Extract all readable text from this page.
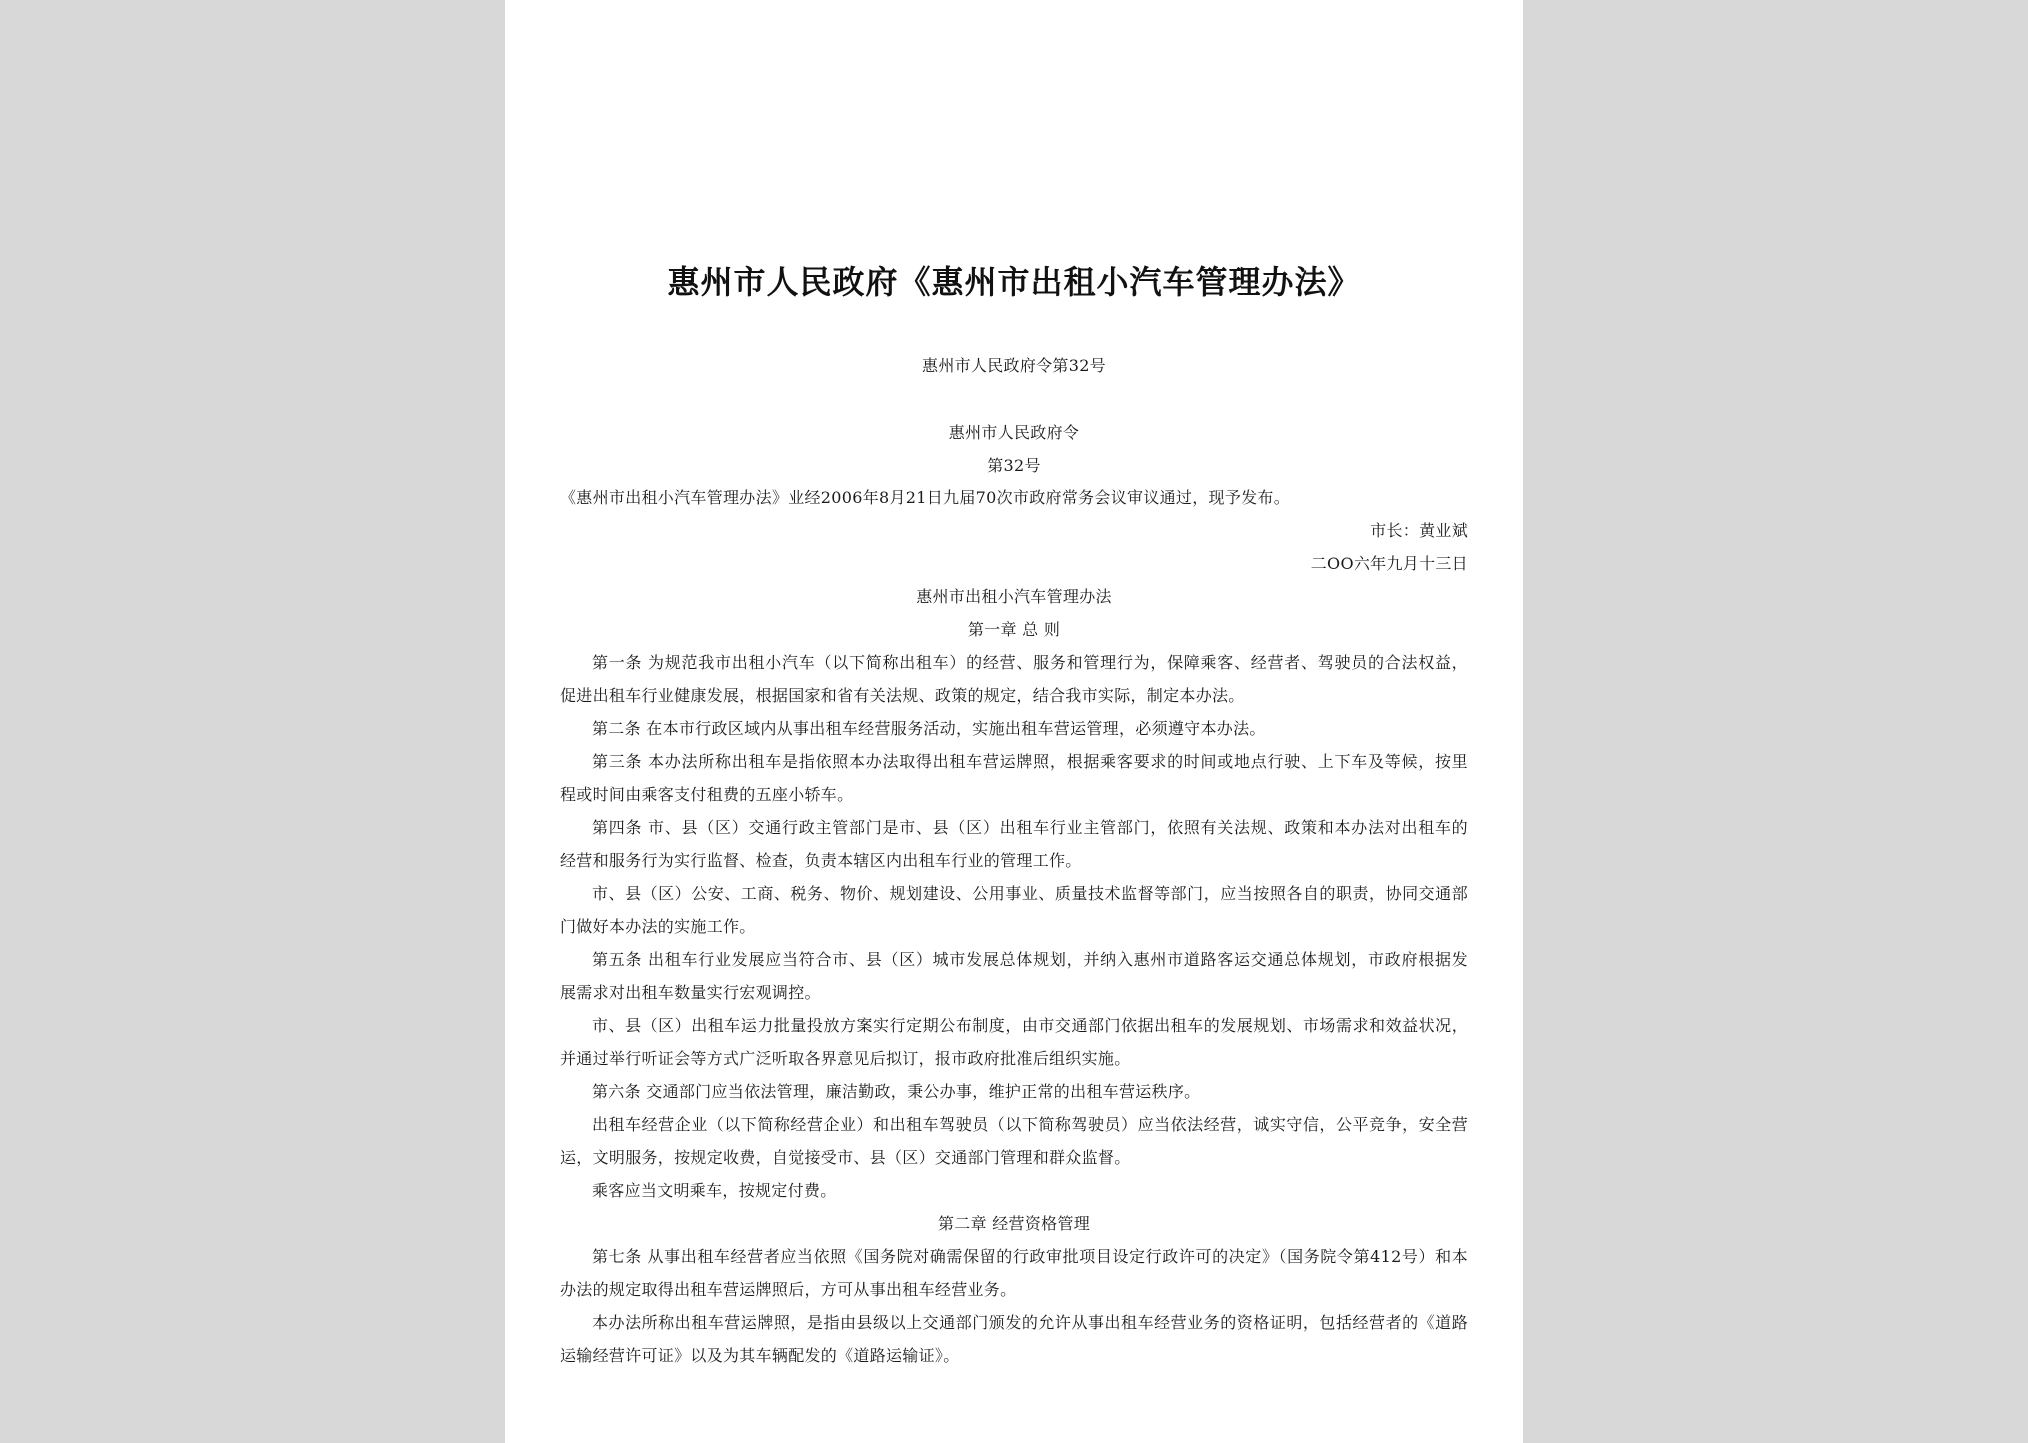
惠州市人民政府《惠州市出租小汽车管理办法》
惠州市人民政府令第32号
惠州市人民政府令
第32号
《惠州市出租小汽车管理办法》业经2006年8月21日九届70次市政府常务会议审议通过，现予发布。
市长：黄业斌
二OO六年九月十三日
惠州市出租小汽车管理办法
第一章 总 则
第一条 为规范我市出租小汽车（以下简称出租车）的经营、服务和管理行为，保障乘客、经营者、驾驶员的合法权益，
促进出租车行业健康发展，根据国家和省有关法规、政策的规定，结合我市实际，制定本办法。
第二条 在本市行政区域内从事出租车经营服务活动，实施出租车营运管理，必须遵守本办法。
第三条 本办法所称出租车是指依照本办法取得出租车营运牌照，根据乘客要求的时间或地点行驶、上下车及等候，按里
程或时间由乘客支付租费的五座小轿车。
第四条 市、县（区）交通行政主管部门是市、县（区）出租车行业主管部门，依照有关法规、政策和本办法对出租车的
经营和服务行为实行监督、检查，负责本辖区内出租车行业的管理工作。
市、县（区）公安、工商、税务、物价、规划建设、公用事业、质量技术监督等部门，应当按照各自的职责，协同交通部
门做好本办法的实施工作。
第五条 出租车行业发展应当符合市、县（区）城市发展总体规划，并纳入惠州市道路客运交通总体规划，市政府根据发
展需求对出租车数量实行宏观调控。
市、县（区）出租车运力批量投放方案实行定期公布制度，由市交通部门依据出租车的发展规划、市场需求和效益状况，
并通过举行听证会等方式广泛听取各界意见后拟订，报市政府批准后组织实施。
第六条 交通部门应当依法管理，廉洁勤政，秉公办事，维护正常的出租车营运秩序。
出租车经营企业（以下简称经营企业）和出租车驾驶员（以下简称驾驶员）应当依法经营，诚实守信，公平竞争，安全营
运，文明服务，按规定收费，自觉接受市、县（区）交通部门管理和群众监督。
乘客应当文明乘车，按规定付费。
第二章 经营资格管理
第七条 从事出租车经营者应当依照《国务院对确需保留的行政审批项目设定行政许可的决定》（国务院令第412号）和本
办法的规定取得出租车营运牌照后，方可从事出租车经营业务。
本办法所称出租车营运牌照，是指由县级以上交通部门颁发的允许从事出租车经营业务的资格证明，包括经营者的《道路
运输经营许可证》以及为其车辆配发的《道路运输证》。
